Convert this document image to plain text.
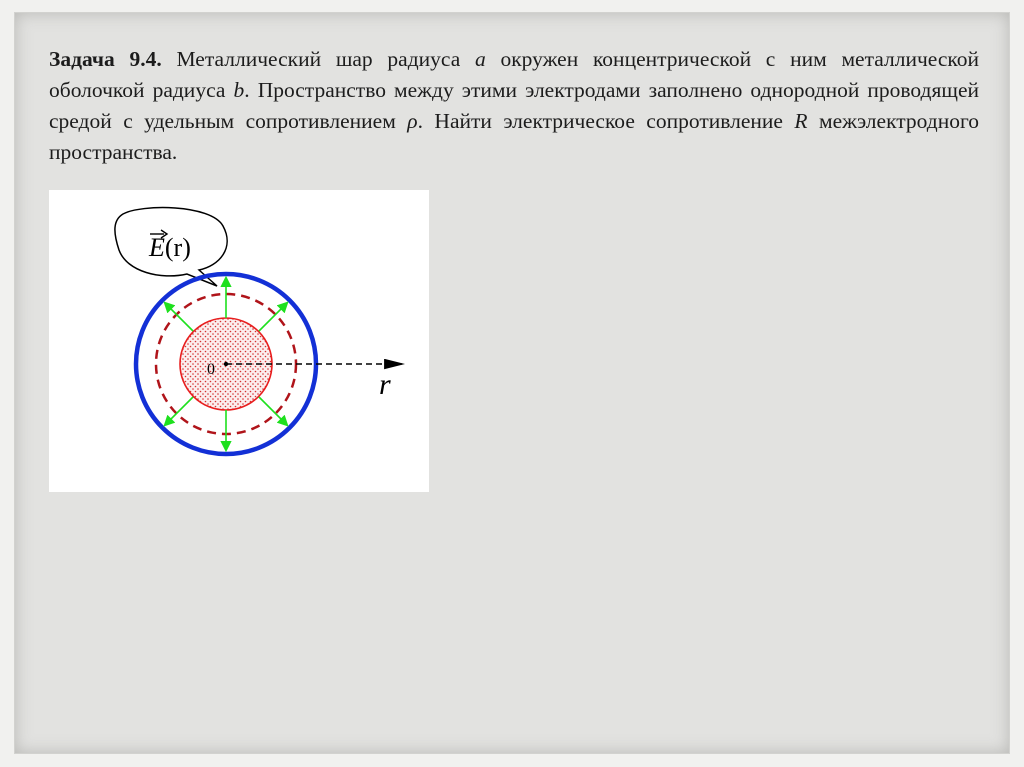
Задача 9.4. Металлический шар радиуса a окружен концентрической с ним металлической оболочкой радиуса b. Пространство между этими электродами заполнено однородной проводящей средой с удельным сопротивлением ρ. Найти электрическое сопротивление R межэлектродного пространства.
E(r)
0	r
